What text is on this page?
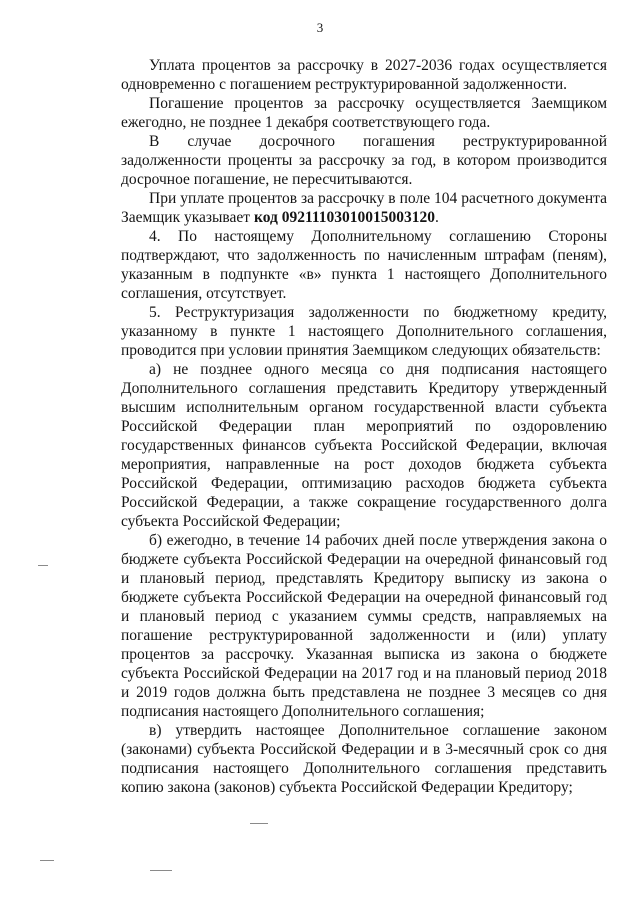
3

Уплата процентов за рассрочку в 2027-2036 годах осуществляется одновременно с погашением реструктурированной задолженности.

Погашение процентов за рассрочку осуществляется Заемщиком ежегодно, не позднее 1 декабря соответствующего года.

В случае досрочного погашения реструктурированной задолженности проценты за рассрочку за год, в котором производится досрочное погашение, не пересчитываются.

При уплате процентов за рассрочку в поле 104 расчетного документа Заемщик указывает код 09211103010015003120.

4. По настоящему Дополнительному соглашению Стороны подтверждают, что задолженность по начисленным штрафам (пеням), указанным в подпункте «в» пункта 1 настоящего Дополнительного соглашения, отсутствует.

5. Реструктуризация задолженности по бюджетному кредиту, указанному в пункте 1 настоящего Дополнительного соглашения, проводится при условии принятия Заемщиком следующих обязательств:

а) не позднее одного месяца со дня подписания настоящего Дополнительного соглашения представить Кредитору утвержденный высшим исполнительным органом государственной власти субъекта Российской Федерации план мероприятий по оздоровлению государственных финансов субъекта Российской Федерации, включая мероприятия, направленные на рост доходов бюджета субъекта Российской Федерации, оптимизацию расходов бюджета субъекта Российской Федерации, а также сокращение государственного долга субъекта Российской Федерации;

б) ежегодно, в течение 14 рабочих дней после утверждения закона о бюджете субъекта Российской Федерации на очередной финансовый год и плановый период, представлять Кредитору выписку из закона о бюджете субъекта Российской Федерации на очередной финансовый год и плановый период с указанием суммы средств, направляемых на погашение реструктурированной задолженности и (или) уплату процентов за рассрочку. Указанная выписка из закона о бюджете субъекта Российской Федерации на 2017 год и на плановый период 2018 и 2019 годов должна быть представлена не позднее 3 месяцев со дня подписания настоящего Дополнительного соглашения;

в) утвердить настоящее Дополнительное соглашение законом (законами) субъекта Российской Федерации и в 3-месячный срок со дня подписания настоящего Дополнительного соглашения представить копию закона (законов) субъекта Российской Федерации Кредитору;
